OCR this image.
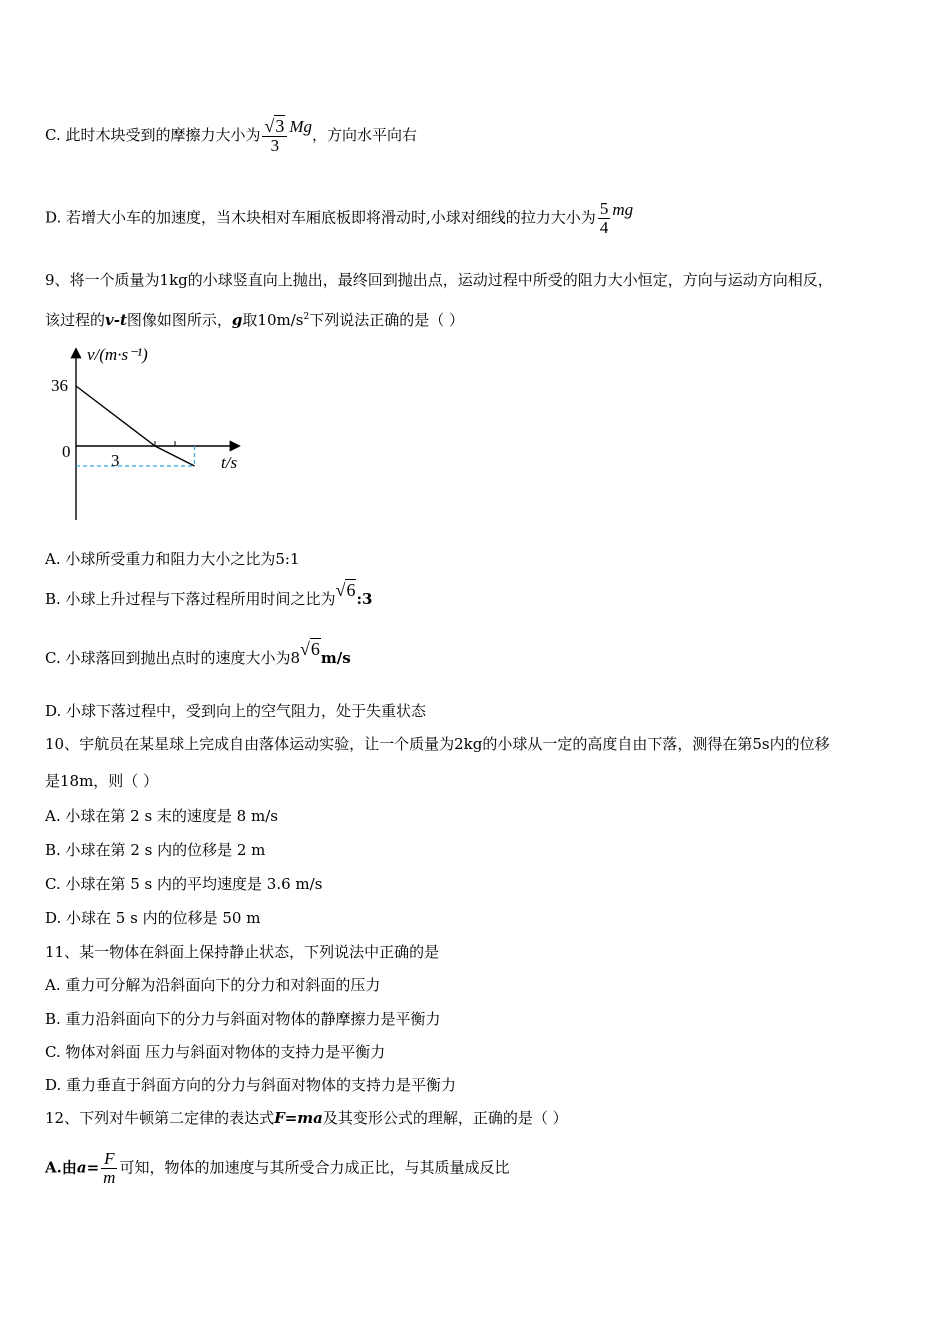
C. 此时木块受到的摩擦力大小为 $\frac{√3}{3}$ Mg，方向水平向右
D. 若增大小车的加速度，当木块相对车厢底板即将滑动时,小球对细线的拉力大小为 $\frac{5}{4}$ mg
9、将一个质量为1kg的小球竖直向上抛出，最终回到抛出点，运动过程中所受的阻力大小恒定，方向与运动方向相反，
该过程的v-t图像如图所示，g取$10m/s^2$下列说法正确的是（ ）
v/(m·s⁻¹)
36
0 3	t/s
A. 小球所受重力和阻力大小之比为5:1
B. 小球上升过程与下落过程所用时间之比为√6:3
C. 小球落回到抛出点时的速度大小为8√6m/s
D. 小球下落过程中，受到向上的空气阻力，处于失重状态
10、宇航员在某星球上完成自由落体运动实验，让一个质量为2kg的小球从一定的高度自由下落，测得在第5s内的位移
是18m，则（ ）
A. 小球在第 2 s 末的速度是 8 m/s
B. 小球在第 2 s 内的位移是 2 m
C. 小球在第 5 s 内的平均速度是 3.6 m/s
D. 小球在 5 s 内的位移是 50 m
11、某一物体在斜面上保持静止状态，下列说法中正确的是
A. 重力可分解为沿斜面向下的分力和对斜面的压力
B. 重力沿斜面向下的分力与斜面对物体的静摩擦力是平衡力
C. 物体对斜面 压力与斜面对物体的支持力是平衡力
D. 重力垂直于斜面方向的分力与斜面对物体的支持力是平衡力
12、下列对牛顿第二定律的表达式F=ma及其变形公式的理解，正确的是（ ）
A.由$a= \frac{F}{m}$ 可知，物体的加速度与其所受合力成正比，与其质量成反比
